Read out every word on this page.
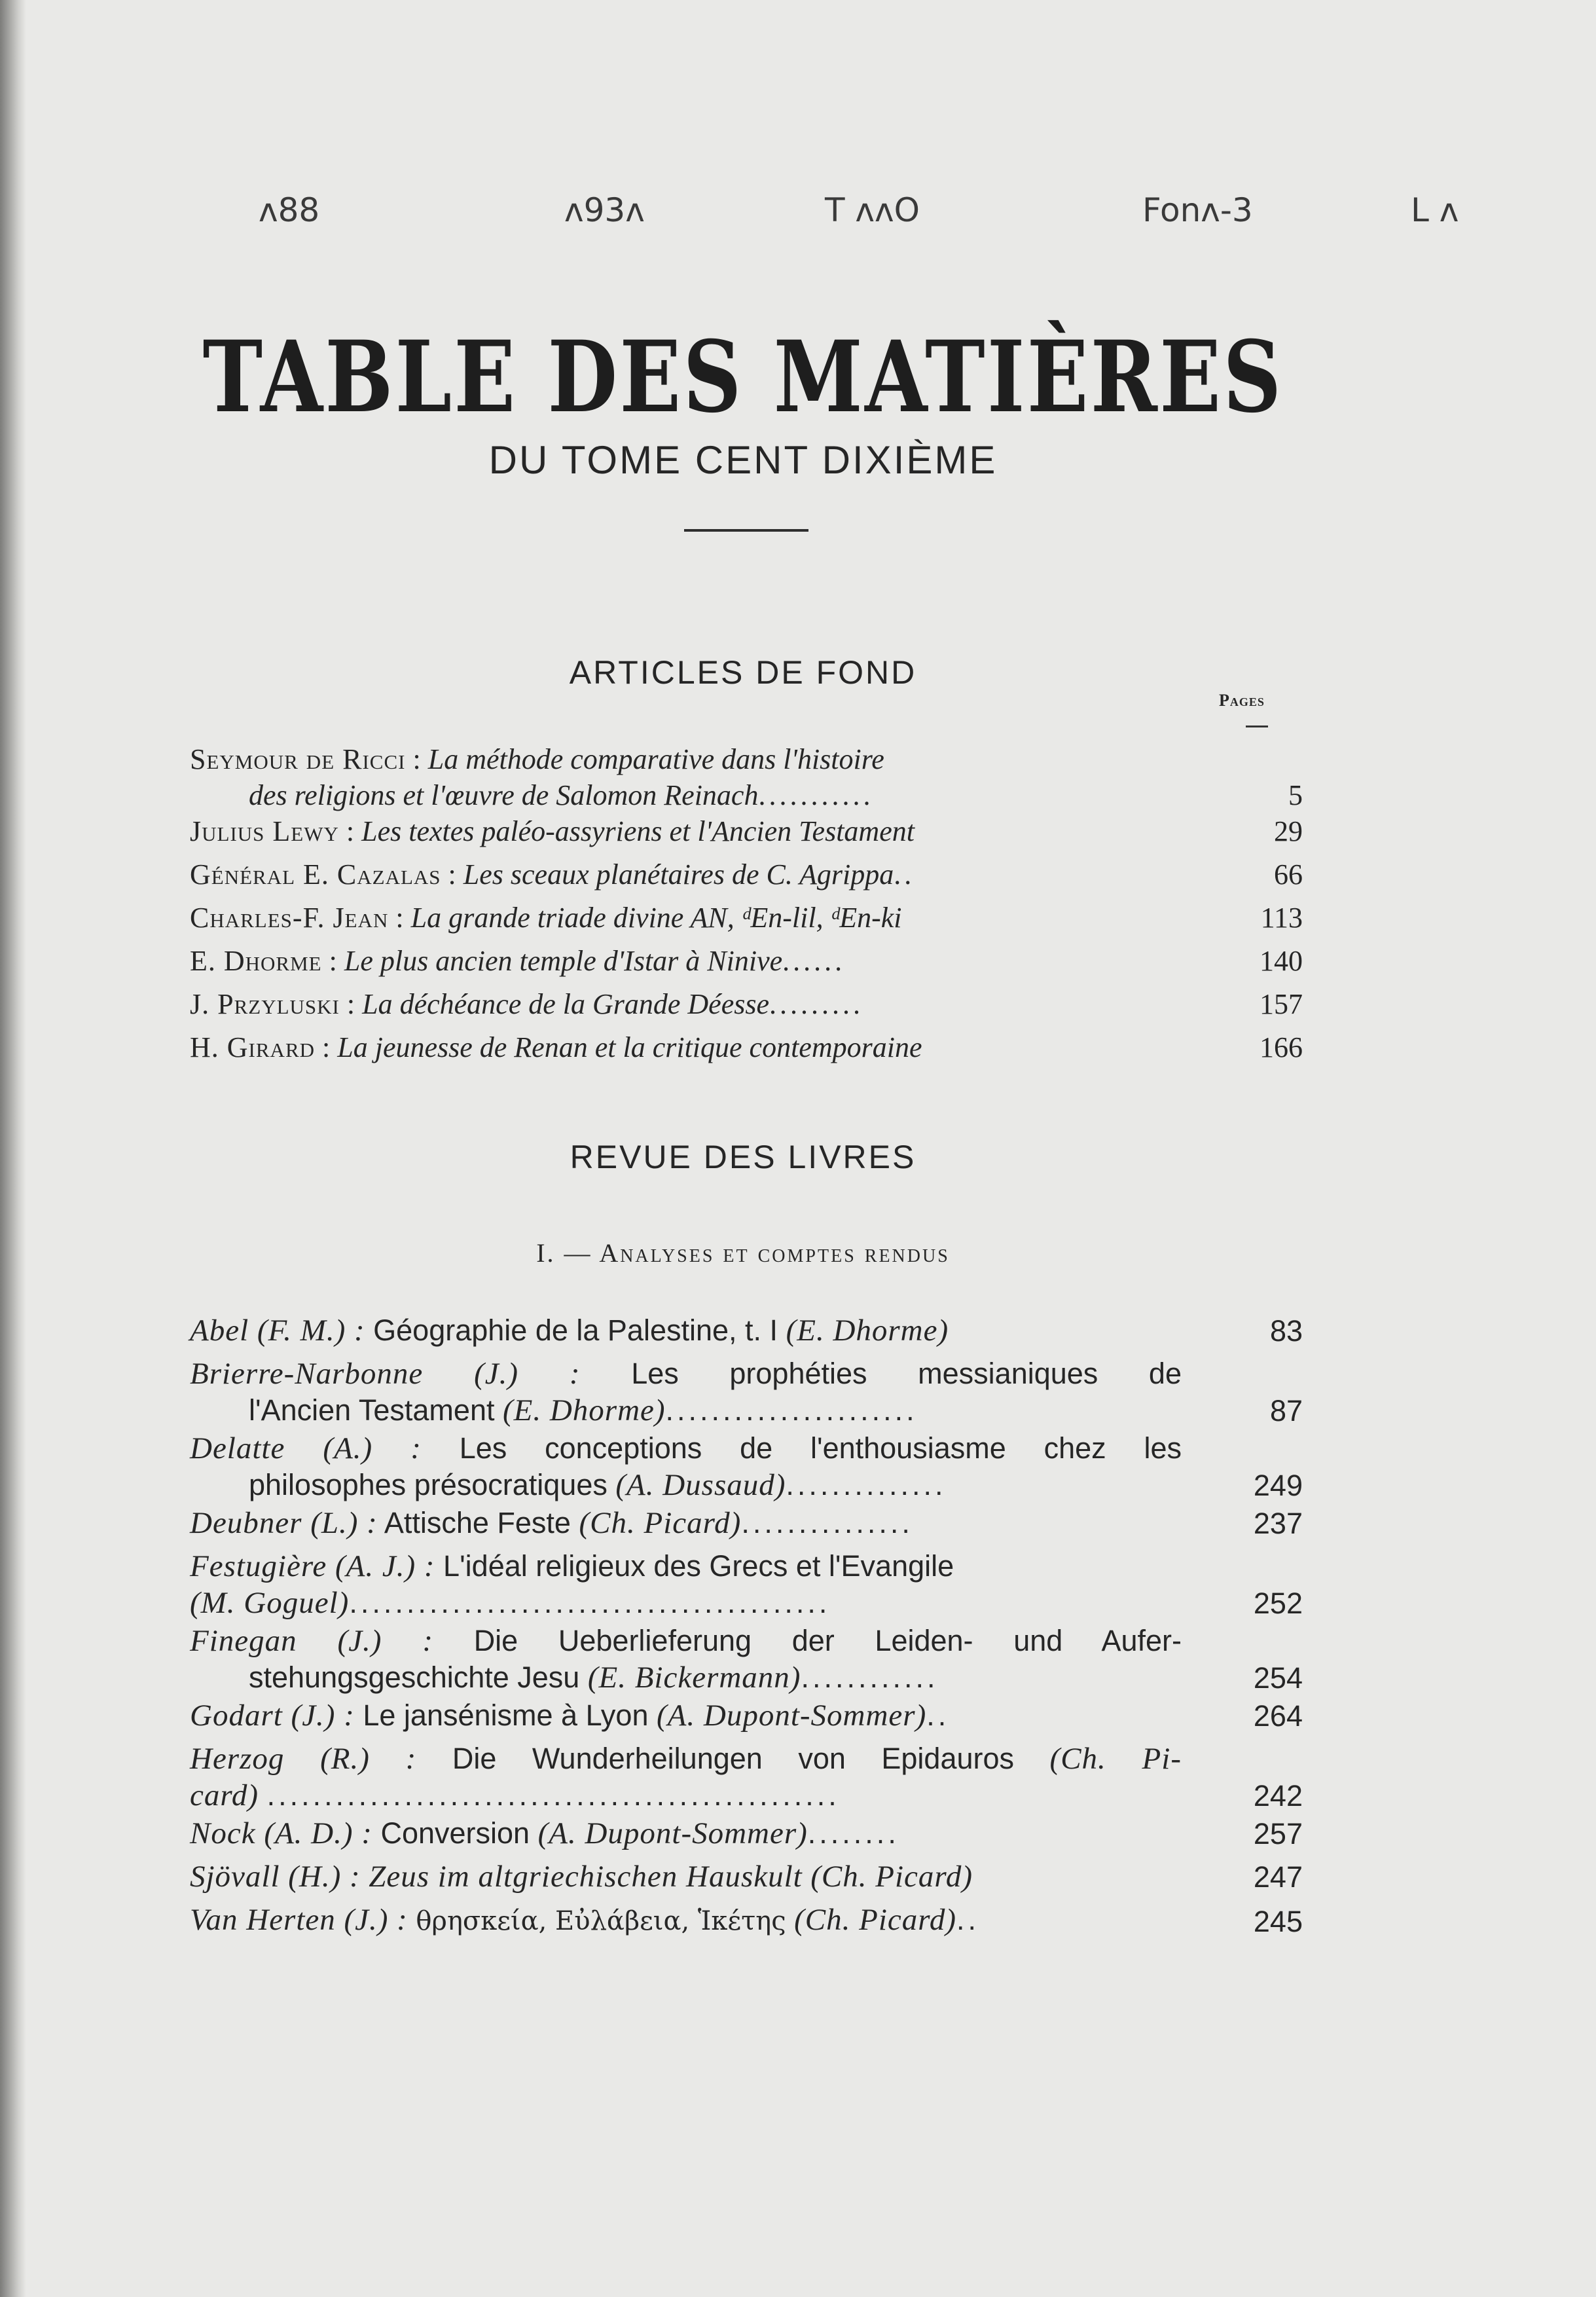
ᴧ88	ᴧ93ᴧ	T ᴧᴧO	Fonᴧ-3	L ᴧ
TABLE DES MATIÈRES
DU TOME CENT DIXIÈME
ARTICLES DE FOND
Pages
Seymour de Ricci : La méthode comparative dans l'histoire
des religions et l'œuvre de Salomon Reinach...........	5
Julius Lewy : Les textes paléo-assyriens et l'Ancien Testament	29
Général E. Cazalas : Les sceaux planétaires de C. Agrippa..	66
Charles-F. Jean : La grande triade divine AN, ᵈEn-lil, ᵈEn-ki	113
E. Dhorme : Le plus ancien temple d'Istar à Ninive......	140
J. Przyluski : La déchéance de la Grande Déesse.........	157
H. Girard : La jeunesse de Renan et la critique contemporaine	166
REVUE DES LIVRES
I. — Analyses et comptes rendus
Abel (F. M.) : Géographie de la Palestine, t. I (E. Dhorme)	83
Brierre-Narbonne (J.) : Les prophéties messianiques de
l'Ancien Testament (E. Dhorme)......................	87
Delatte (A.) : Les conceptions de l'enthousiasme chez les
philosophes présocratiques (A. Dussaud)..............	249
Deubner (L.) : Attische Feste (Ch. Picard)...............	237
Festugière (A. J.) : L'idéal religieux des Grecs et l'Evangile
(M. Goguel)..........................................	252
Finegan (J.) : Die Ueberlieferung der Leiden- und Aufer-
stehungsgeschichte Jesu (E. Bickermann)............	254
Godart (J.) : Le jansénisme à Lyon (A. Dupont-Sommer)..	264
Herzog (R.) : Die Wunderheilungen von Epidauros (Ch. Pi-
card) ..................................................	242
Nock (A. D.) : Conversion (A. Dupont-Sommer)........	257
Sjövall (H.) : Zeus im altgriechischen Hauskult (Ch. Picard)	247
Van Herten (J.) : θρησκεία, Εὐλάβεια, Ἱκέτης (Ch. Picard)..	245
